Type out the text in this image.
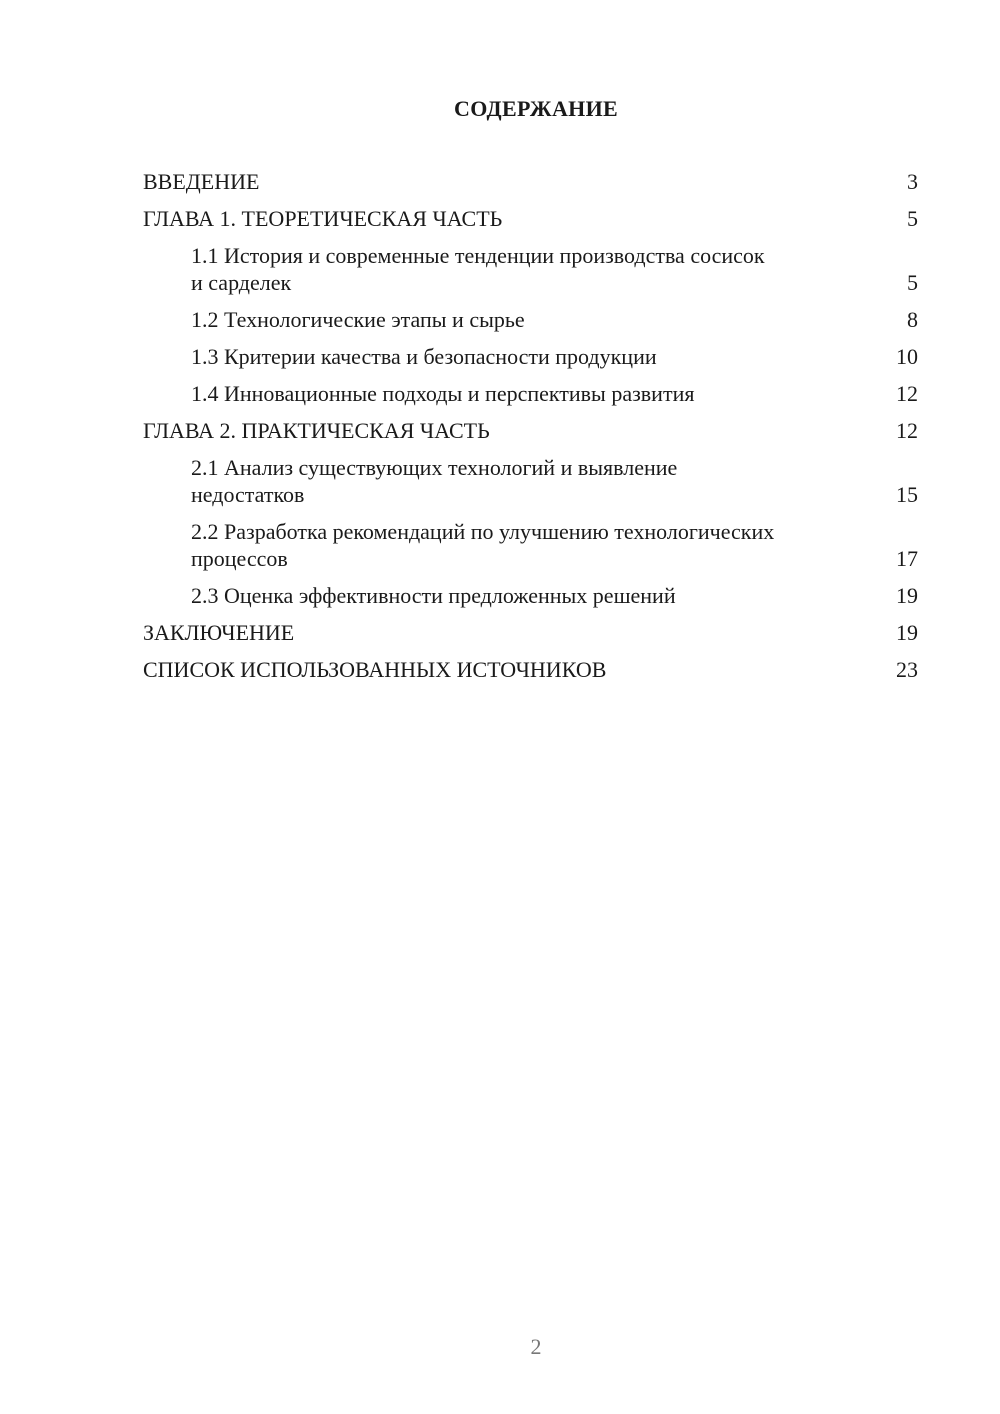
СОДЕРЖАНИЕ
ВВЕДЕНИЕ	3
ГЛАВА 1. ТЕОРЕТИЧЕСКАЯ ЧАСТЬ	5
1.1 История и современные тенденции производства сосисок и сарделек	5
1.2 Технологические этапы и сырье	8
1.3 Критерии качества и безопасности продукции	10
1.4 Инновационные подходы и перспективы развития	12
ГЛАВА 2. ПРАКТИЧЕСКАЯ ЧАСТЬ	12
2.1 Анализ существующих технологий и выявление недостатков	15
2.2 Разработка рекомендаций по улучшению технологических процессов	17
2.3 Оценка эффективности предложенных решений	19
ЗАКЛЮЧЕНИЕ	19
СПИСОК ИСПОЛЬЗОВАННЫХ ИСТОЧНИКОВ	23
2
